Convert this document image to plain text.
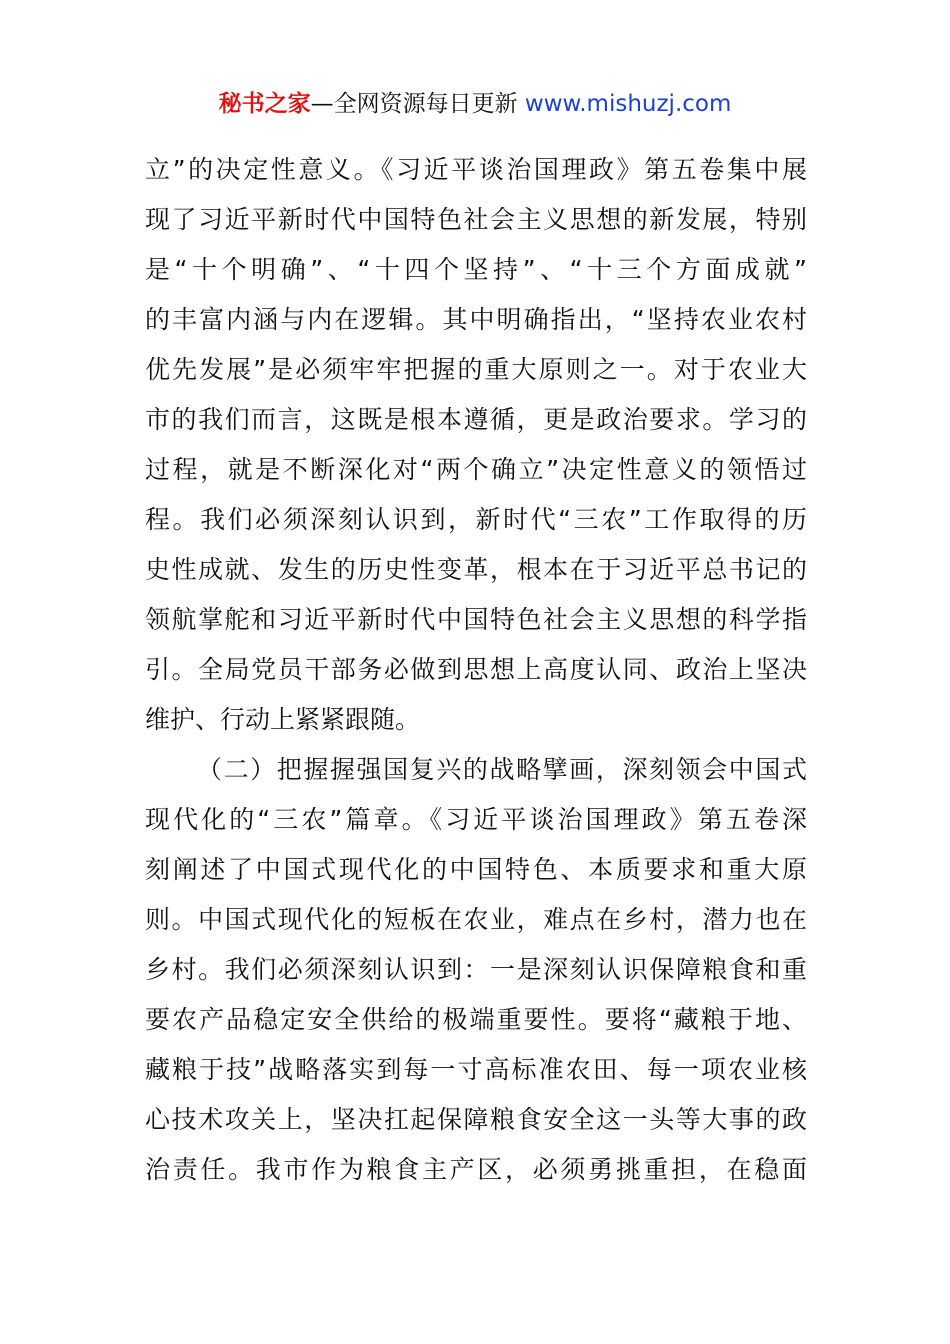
秘书之家—全网资源每日更新 www.mishuzj.com
立”的决定性意义。《习近平谈治国理政》第五卷集中展
现了习近平新时代中国特色社会主义思想的新发展，特别
是“十个明确”、“十四个坚持”、“十三个方面成就”
的丰富内涵与内在逻辑。其中明确指出，“坚持农业农村
优先发展”是必须牢牢把握的重大原则之一。对于农业大
市的我们而言，这既是根本遵循，更是政治要求。学习的
过程，就是不断深化对“两个确立”决定性意义的领悟过
程。我们必须深刻认识到，新时代“三农”工作取得的历
史性成就、发生的历史性变革，根本在于习近平总书记的
领航掌舵和习近平新时代中国特色社会主义思想的科学指
引。全局党员干部务必做到思想上高度认同、政治上坚决
维护、行动上紧紧跟随。
（二）把握握强国复兴的战略擘画，深刻领会中国式
现代化的“三农”篇章。《习近平谈治国理政》第五卷深
刻阐述了中国式现代化的中国特色、本质要求和重大原
则。中国式现代化的短板在农业，难点在乡村，潜力也在
乡村。我们必须深刻认识到：一是深刻认识保障粮食和重
要农产品稳定安全供给的极端重要性。要将“藏粮于地、
藏粮于技”战略落实到每一寸高标准农田、每一项农业核
心技术攻关上，坚决扛起保障粮食安全这一头等大事的政
治责任。我市作为粮食主产区，必须勇挑重担，在稳面
